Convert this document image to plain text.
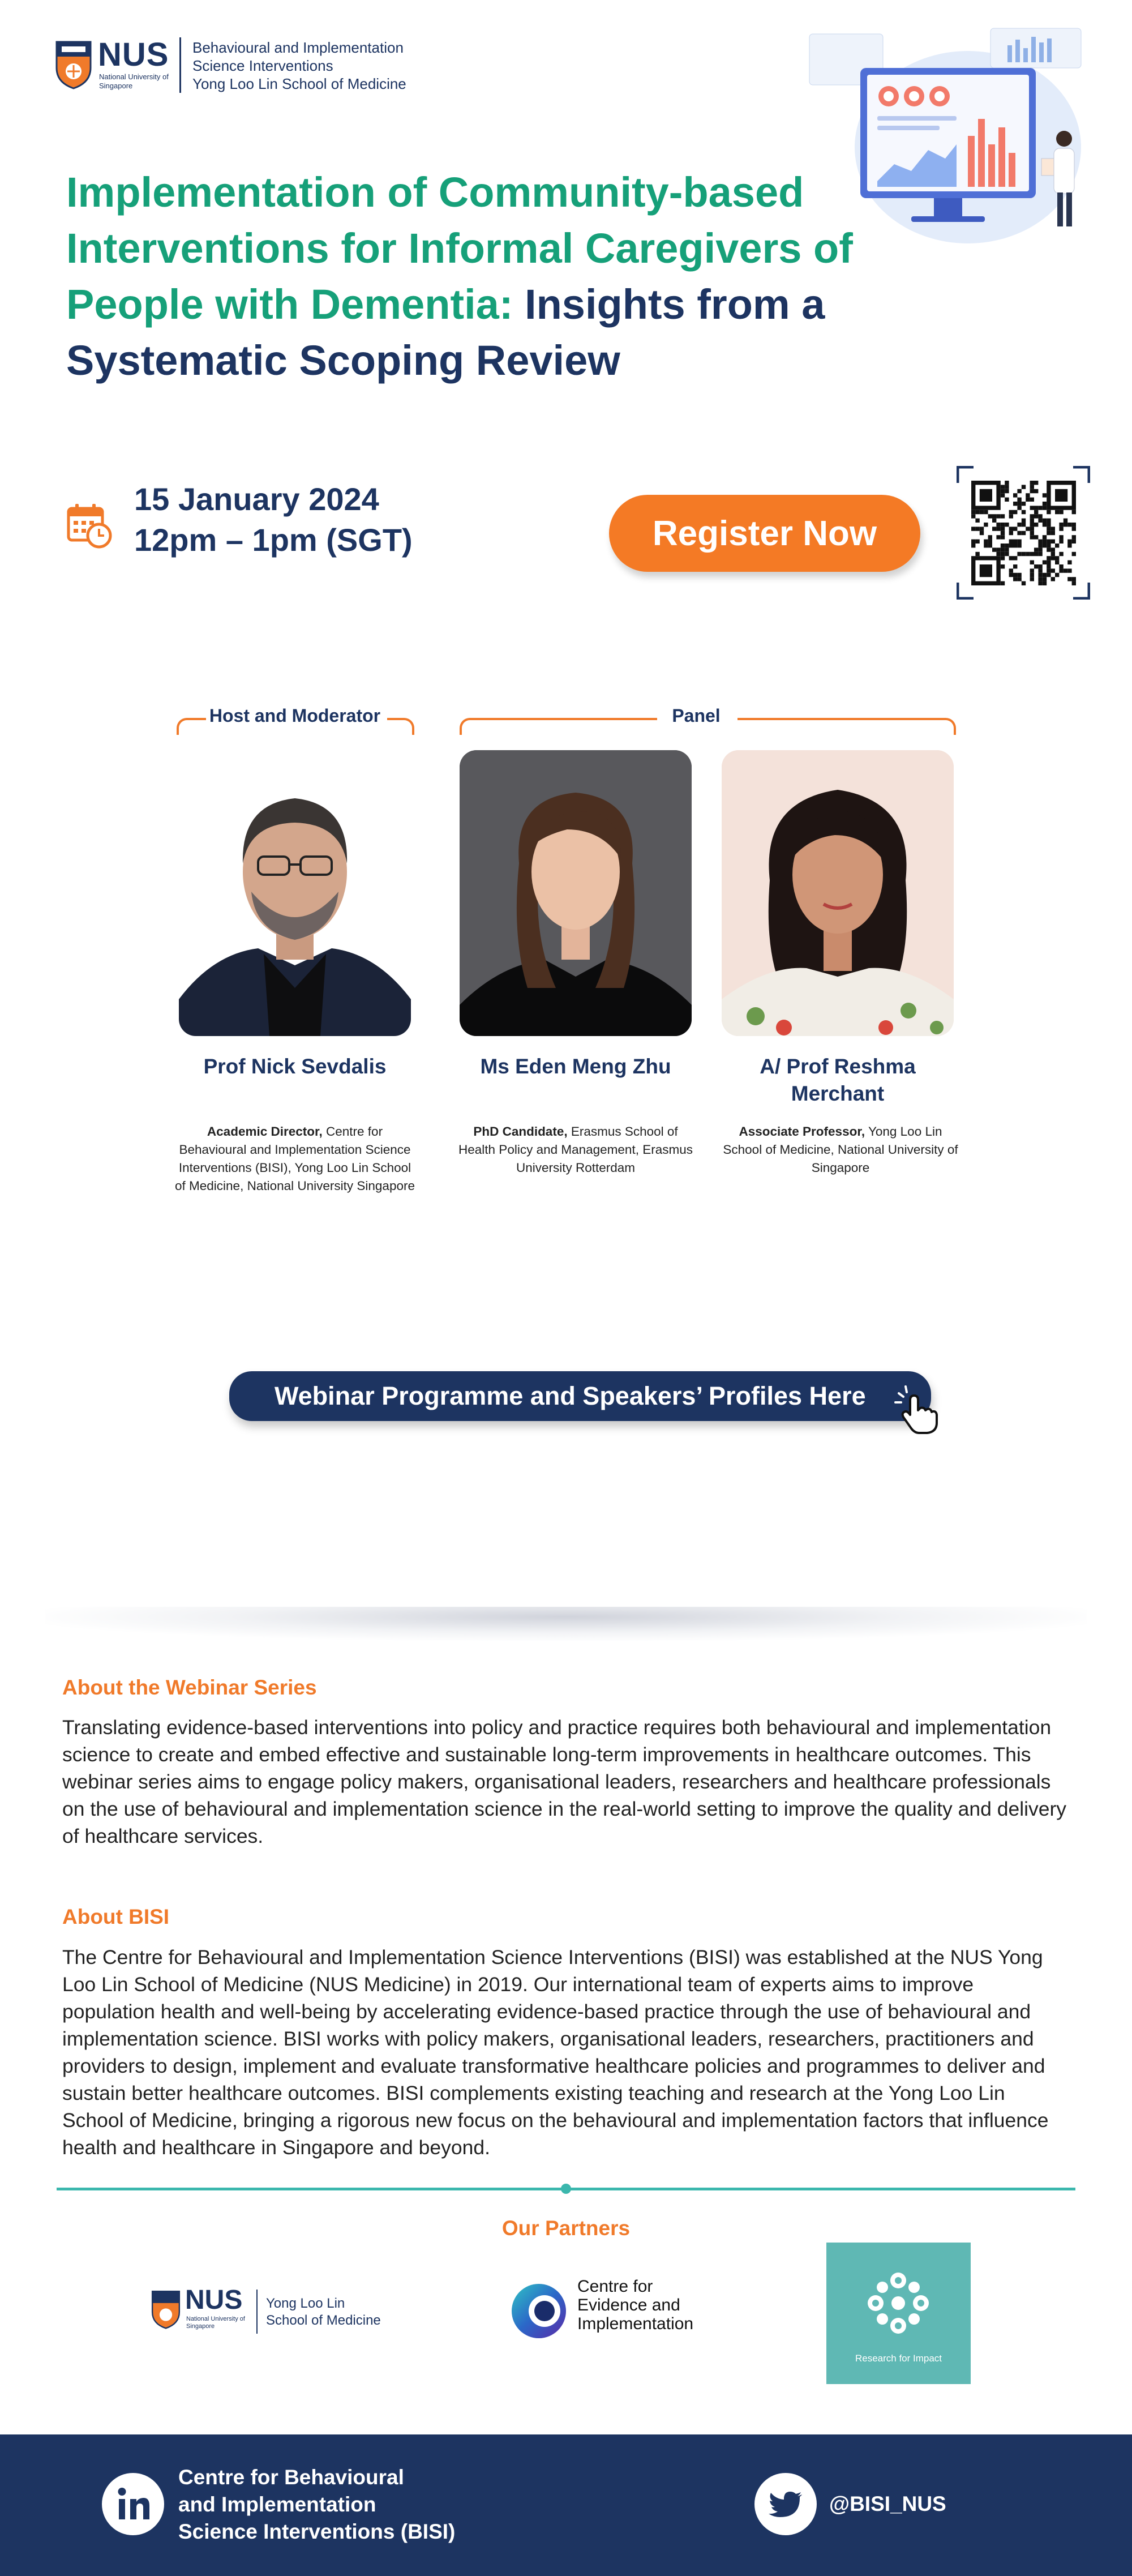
NUS
National University of Singapore
Behavioural and Implementation
Science Interventions
Yong Loo Lin School of Medicine
Implementation of Community-based Interventions for Informal Caregivers of People with Dementia: Insights from a Systematic Scoping Review
15 January 2024
12pm – 1pm (SGT)	Register Now
Host and Moderator	Panel
Prof Nick Sevdalis	Ms Eden Meng Zhu	A/ Prof Reshma Merchant
Academic Director, Centre for Behavioural and Implementation Science Interventions (BISI), Yong Loo Lin School of Medicine, National University Singapore
PhD Candidate, Erasmus School of Health Policy and Management, Erasmus University Rotterdam
Associate Professor, Yong Loo Lin School of Medicine, National University of Singapore
Webinar Programme and Speakers’ Profiles Here
About the Webinar Series
Translating evidence-based interventions into policy and practice requires both behavioural and implementation science to create and embed effective and sustainable long-term improvements in healthcare outcomes. This webinar series aims to engage policy makers, organisational leaders, researchers and healthcare professionals on the use of behavioural and implementation science in the real-world setting to improve the quality and delivery of healthcare services.
About BISI
The Centre for Behavioural and Implementation Science Interventions (BISI) was established at the NUS Yong Loo Lin School of Medicine (NUS Medicine) in 2019. Our international team of experts aims to improve population health and well-being by accelerating evidence-based practice through the use of behavioural and implementation science. BISI works with policy makers, organisational leaders, researchers, practitioners and providers to design, implement and evaluate transformative healthcare policies and programmes to deliver and sustain better healthcare outcomes. BISI complements existing teaching and research at the Yong Loo Lin School of Medicine, bringing a rigorous new focus on the behavioural and implementation factors that influence health and healthcare in Singapore and beyond.
Our Partners
NUS
National University of Singapore
Yong Loo Lin
School of Medicine
Centre for
Evidence and
Implementation
Research for Impact
Centre for Behavioural
and Implementation
Science Interventions (BISI)
@BISI_NUS
